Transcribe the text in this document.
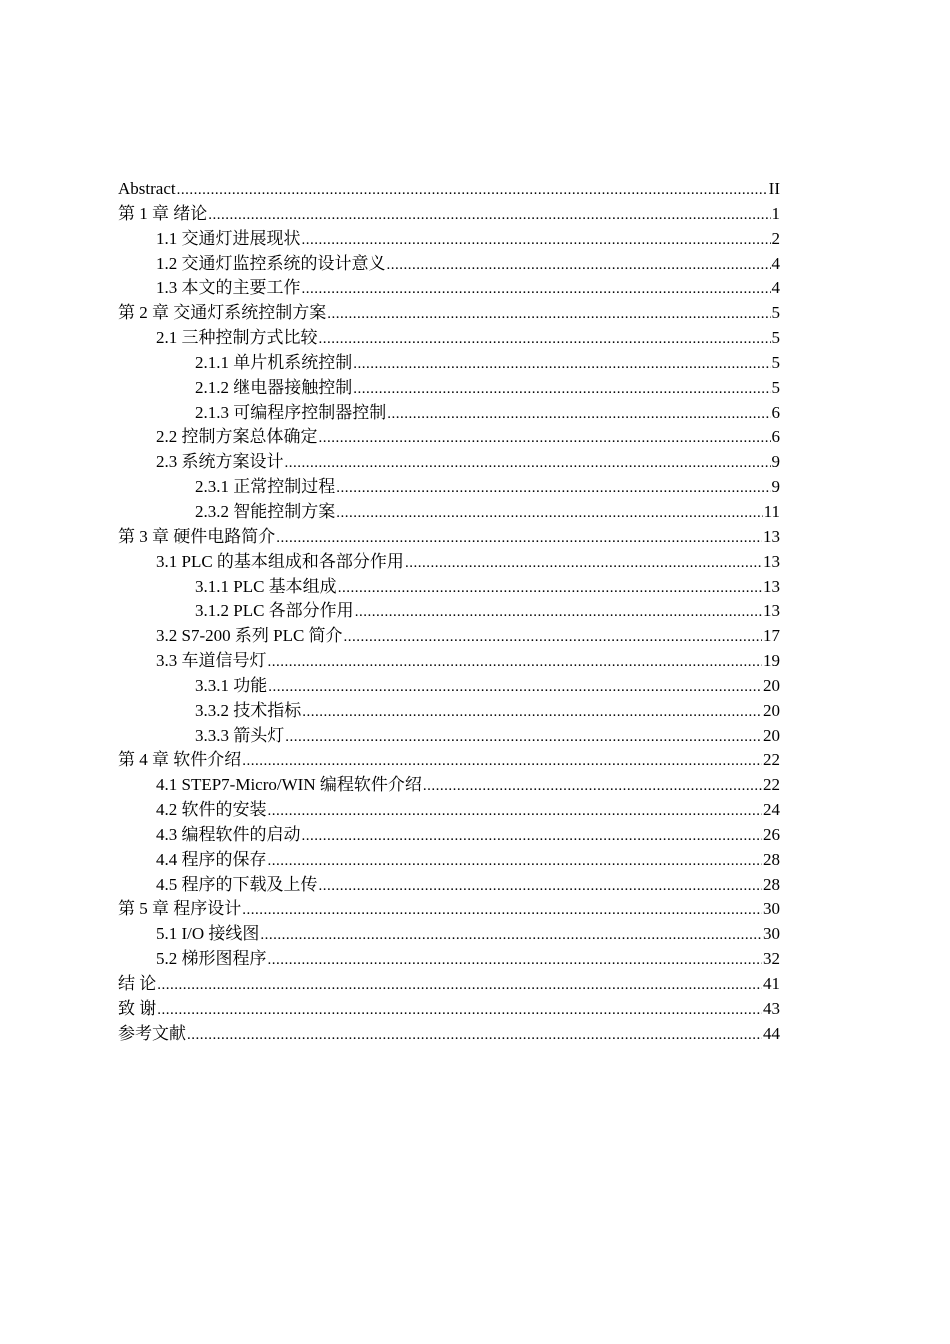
Abstract .....	II
第 1 章 绪论 .....	1
1.1 交通灯进展现状 .....	2
1.2 交通灯监控系统的设计意义 .....	4
1.3 本文的主要工作 .....	4
第 2 章 交通灯系统控制方案 .....	5
2.1 三种控制方式比较 .....	5
2.1.1 单片机系统控制 .....	5
2.1.2 继电器接触控制 .....	5
2.1.3 可编程序控制器控制 .....	6
2.2 控制方案总体确定 .....	6
2.3 系统方案设计 .....	9
2.3.1 正常控制过程 .....	9
2.3.2 智能控制方案 .....	11
第 3 章 硬件电路简介 .....	13
3.1 PLC 的基本组成和各部分作用 .....	13
3.1.1 PLC 基本组成 .....	13
3.1.2 PLC 各部分作用 .....	13
3.2 S7-200 系列 PLC 简介 .....	17
3.3 车道信号灯 .....	19
3.3.1 功能 .....	20
3.3.2 技术指标 .....	20
3.3.3 箭头灯 .....	20
第 4 章 软件介绍 .....	22
4.1 STEP7-Micro/WIN 编程软件介绍 .....	22
4.2 软件的安装 .....	24
4.3 编程软件的启动 .....	26
4.4 程序的保存 .....	28
4.5 程序的下载及上传 .....	28
第 5 章 程序设计 .....	30
5.1 I/O 接线图 .....	30
5.2 梯形图程序 .....	32
结 论 .....	41
致 谢 .....	43
参考文献 .....	44
